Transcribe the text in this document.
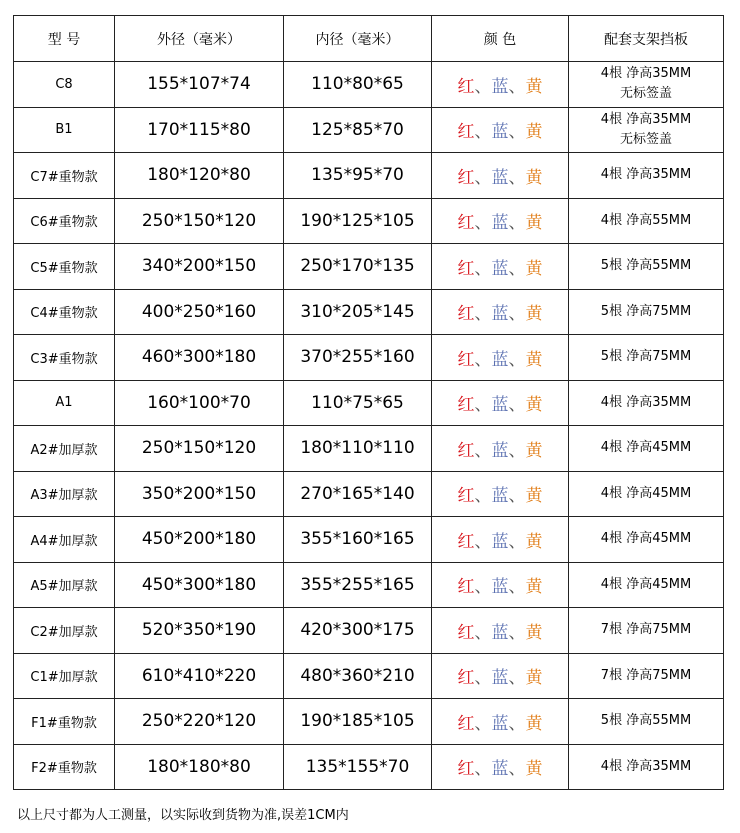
型 号	外径（毫米）	内径（毫米）	颜 色	配套支架挡板
C8	155*107*74	110*80*65	红、蓝、黄	4根 净高35MM
无标签盖

B1	170*115*80	125*85*70	红、蓝、黄	4根 净高35MM
无标签盖

C7#重物款	180*120*80	135*95*70	红、蓝、黄	4根 净高35MM

C6#重物款	250*150*120	190*125*105	红、蓝、黄	4根 净高55MM

C5#重物款	340*200*150	250*170*135	红、蓝、黄	5根 净高55MM

C4#重物款	400*250*160	310*205*145	红、蓝、黄	5根 净高75MM

C3#重物款	460*300*180	370*255*160	红、蓝、黄	5根 净高75MM

A1	160*100*70	110*75*65	红、蓝、黄	4根 净高35MM

A2#加厚款	250*150*120	180*110*110	红、蓝、黄	4根 净高45MM

A3#加厚款	350*200*150	270*165*140	红、蓝、黄	4根 净高45MM

A4#加厚款	450*200*180	355*160*165	红、蓝、黄	4根 净高45MM

A5#加厚款	450*300*180	355*255*165	红、蓝、黄	4根 净高45MM

C2#加厚款	520*350*190	420*300*175	红、蓝、黄	7根 净高75MM

C1#加厚款	610*410*220	480*360*210	红、蓝、黄	7根 净高75MM

F1#重物款	250*220*120	190*185*105	红、蓝、黄	5根 净高55MM

F2#重物款	180*180*80	135*155*70	红、蓝、黄	4根 净高35MM
以上尺寸都为人工测量，以实际收到货物为准,误差1CM内
